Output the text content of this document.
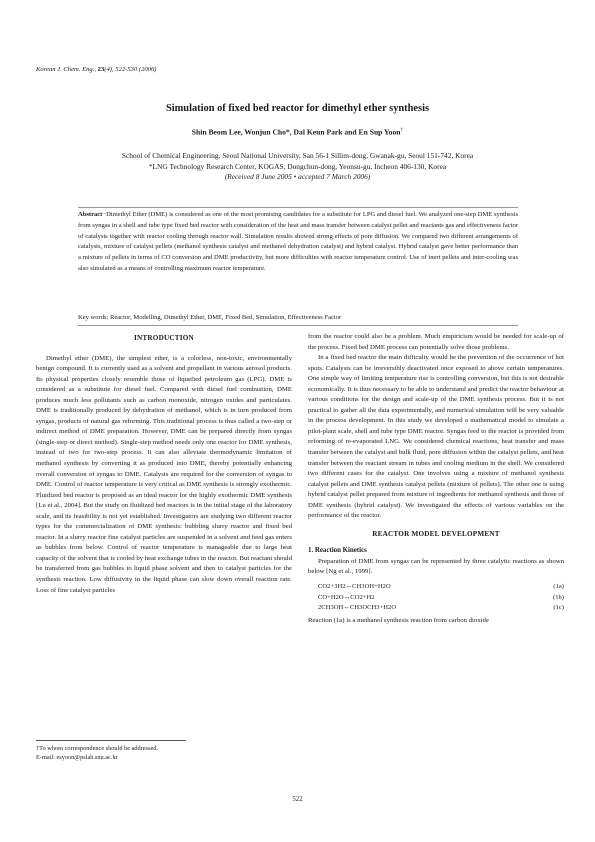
Korean J. Chem. Eng., 23(4), 522-530 (2006)
Simulation of fixed bed reactor for dimethyl ether synthesis
Shin Beom Lee, Wonjun Cho*, Dal Keun Park and En Sup Yoon†
School of Chemical Engineering, Seoul National University, San 56-1 Sillim-dong, Gwanak-gu, Seoul 151-742, Korea
*LNG Technology Research Center, KOGAS, Dongchun-dong, Yeonsu-gu, Incheon 406-130, Korea
(Received 8 June 2005 • accepted 7 March 2006)
Abstract−Dimethyl Ether (DME) is considered as one of the most promising candidates for a substitute for LPG and diesel fuel. We analyzed one-step DME synthesis from syngas in a shell and tube type fixed bed reactor with consideration of the heat and mass transfer between catalyst pellet and reactants gas and effectiveness factor of catalysts together with reactor cooling through reactor wall. Simulation results showed strong effects of pore diffusion. We compared two different arrangements of catalysts, mixture of catalyst pellets (methanol synthesis catalyst and methanol dehydration catalyst) and hybrid catalyst. Hybrid catalyst gave better performance than a mixture of pellets in terms of CO conversion and DME productivity, but more difficulties with reactor temperature control. Use of inert pellets and inter-cooling was also simulated as a means of controlling maximum reactor temperature.
Key words: Reactor, Modelling, Dimethyl Ether, DME, Fixed Bed, Simulation, Effectiveness Factor
INTRODUCTION

Dimethyl ether (DME), the simplest ether, is a colorless, non-toxic, environmentally benign compound. It is currently used as a solvent and propellant in various aerosol products. Its physical properties closely resemble those of liquefied petroleum gas (LPG). DME is considered as a substitute for diesel fuel. Compared with diesel fuel combustion, DME produces much less pollutants such as carbon monoxide, nitrogen oxides and particulates. DME is traditionally produced by dehydration of methanol, which is in turn produced from syngas, products of natural gas reforming. This traditional process is thus called a two-step or indirect method of DME preparation. However, DME can be prepared directly from syngas (single-step or direct method). Single-step method needs only one reactor for DME synthesis, instead of two for two-step process. It can also alleviate thermodynamic limitation of methanol synthesis by converting it as produced into DME, thereby potentially enhancing overall conversion of syngas to DME. Catalysts are required for the conversion of syngas to DME. Control of reactor temperature is very critical as DME synthesis is strongly exothermic. Fluidized bed reactor is proposed as an ideal reactor for the highly exothermic DME synthesis [Lu et al., 2004]. But the study on fluidized bed reactors is in the initial stage of the laboratory scale, and its feasibility is not yet established. Investigators are studying two different reactor types for the commercialization of DME synthesis: bubbling slurry reactor and fixed bed reactor. In a slurry reactor fine catalyst particles are suspended in a solvent and feed gas enters as bubbles from below. Control of reactor temperature is manageable due to large heat capacity of the solvent that is cooled by heat exchange tubes in the reactor. But reactant should be transferred from gas bubbles to liquid phase solvent and then to catalyst particles for the synthesis reaction. Low diffusivity in the liquid phase can slow down overall reaction rate. Loss of fine catalyst particles

from the reactor could also be a problem. Much empiricism would be needed for scale-up of the process. Fixed bed DME process can potentially solve those problems.

In a fixed bed reactor the main difficulty would be the prevention of the occurrence of hot spots. Catalysts can be irreversibly deactivated once exposed to above certain temperatures. One simple way of limiting temperature rise is controlling conversion, but this is not desirable economically. It is thus necessary to be able to understand and predict the reactor behaviour at various conditions for the design and scale-up of the DME synthesis process. But it is not practical to gather all the data experimentally, and numerical simulation will be very valuable in the process development. In this study we developed a mathematical model to simulate a pilot-plant scale, shell and tube type DME reactor. Syngas feed to the reactor is provided from reforming of re-evaporated LNG. We considered chemical reactions, heat transfer and mass transfer between the catalyst and bulk fluid, pore diffusion within the catalyst pellets, and heat transfer between the reactant stream in tubes and cooling medium in the shell. We considered two different cases for the catalyst. One involves using a mixture of methanol synthesis catalyst pellets and DME synthesis catalyst pellets (mixture of pellets). The other one is using hybrid catalyst pellet prepared from mixture of ingredients for methanol synthesis and those of DME synthesis (hybrid catalyst). We investigated the effects of various variables on the performance of the reactor.

REACTOR MODEL DEVELOPMENT
1. Reaction Kinetics

Preparation of DME from syngas can be represented by three catalytic reactions as shown below [Ng et al., 1999].

CO2+3H2↔CH3OH+H2O	(1a)
CO+H2O↔CO2+H2	(1b)
2CH3OH↔CH3OCH3+H2O	(1c)

Reaction (1a) is a methanol synthesis reaction from carbon dioxide

†To whom correspondence should be addressed.
E-mail: esyoon@pslab.snu.ac.kr
522
